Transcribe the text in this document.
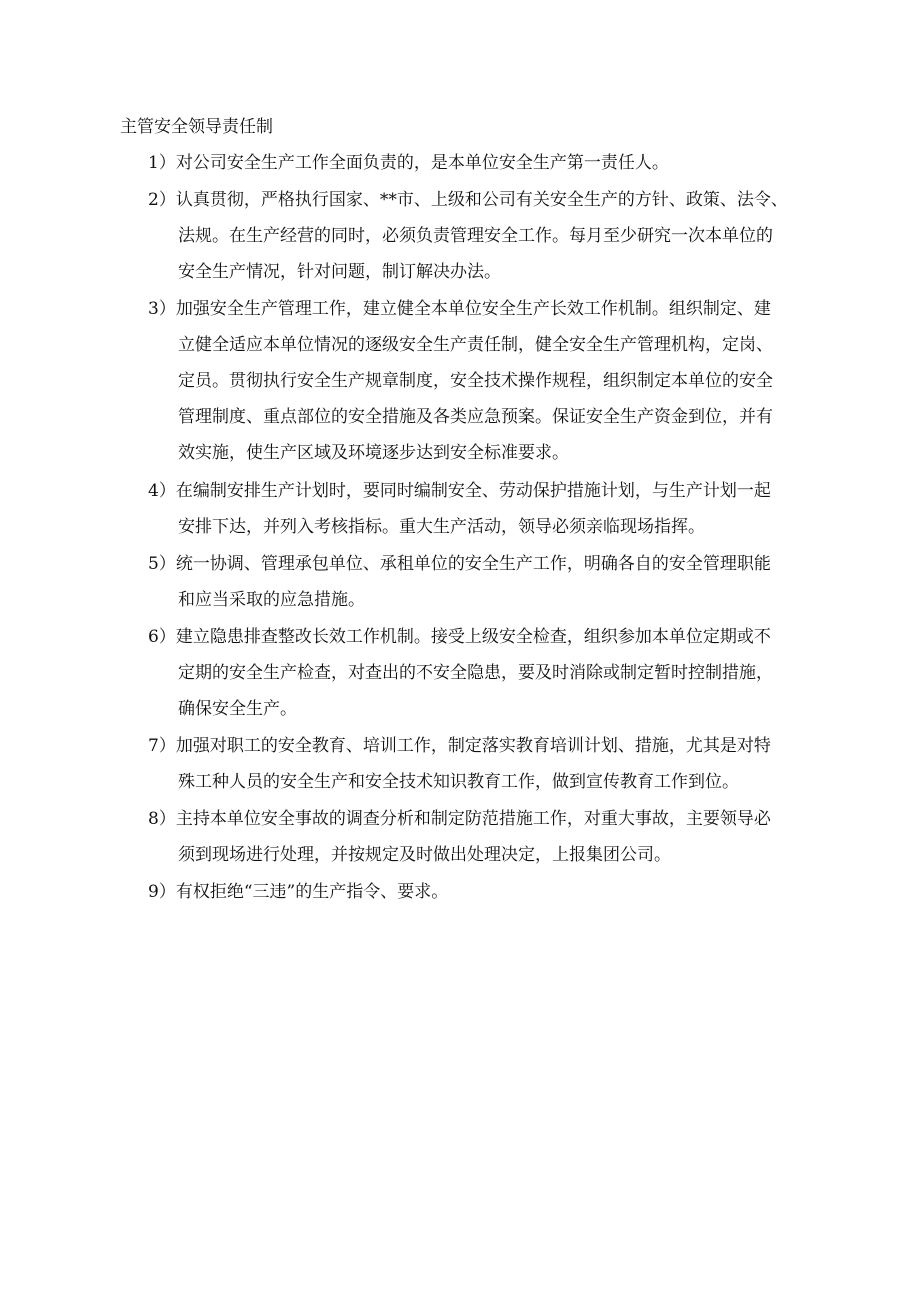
主管安全领导责任制
1）对公司安全生产工作全面负责的，是本单位安全生产第一责任人。
2）认真贯彻，严格执行国家、**市、上级和公司有关安全生产的方针、政策、法令、
法规。在生产经营的同时，必须负责管理安全工作。每月至少研究一次本单位的
安全生产情况，针对问题，制订解决办法。
3）加强安全生产管理工作，建立健全本单位安全生产长效工作机制。组织制定、建
立健全适应本单位情况的逐级安全生产责任制，健全安全生产管理机构，定岗、
定员。贯彻执行安全生产规章制度，安全技术操作规程，组织制定本单位的安全
管理制度、重点部位的安全措施及各类应急预案。保证安全生产资金到位，并有
效实施，使生产区域及环境逐步达到安全标准要求。
4）在编制安排生产计划时，要同时编制安全、劳动保护措施计划，与生产计划一起
安排下达，并列入考核指标。重大生产活动，领导必须亲临现场指挥。
5）统一协调、管理承包单位、承租单位的安全生产工作，明确各自的安全管理职能
和应当采取的应急措施。
6）建立隐患排查整改长效工作机制。接受上级安全检查，组织参加本单位定期或不
定期的安全生产检查，对查出的不安全隐患，要及时消除或制定暂时控制措施，
确保安全生产。
7）加强对职工的安全教育、培训工作，制定落实教育培训计划、措施，尤其是对特
殊工种人员的安全生产和安全技术知识教育工作，做到宣传教育工作到位。
8）主持本单位安全事故的调查分析和制定防范措施工作，对重大事故，主要领导必
须到现场进行处理，并按规定及时做出处理决定，上报集团公司。
9）有权拒绝“三违”的生产指令、要求。
